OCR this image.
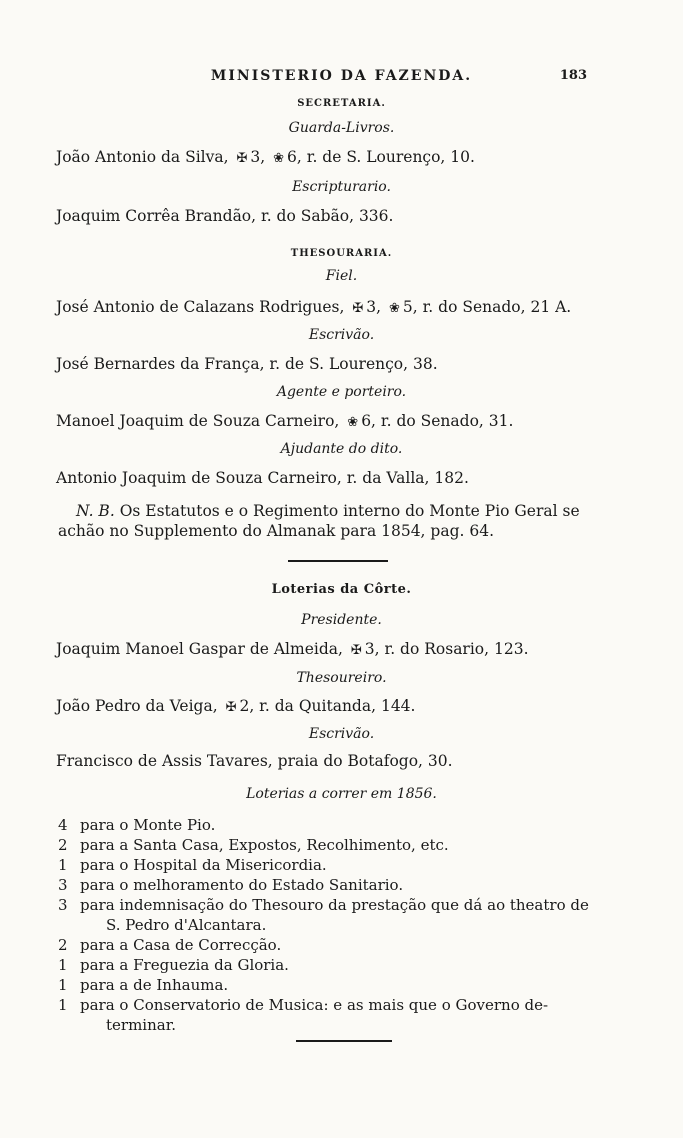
MINISTERIO DA FAZENDA.	183
SECRETARIA.
Guarda-Livros.
João Antonio da Silva, ✠ 3, ❀ 6, r. de S. Lourenço, 10.
Escripturario.
Joaquim Corrêa Brandão, r. do Sabão, 336.
THESOURARIA.
Fiel.
José Antonio de Calazans Rodrigues, ✠ 3, ❀ 5, r. do Senado, 21 A.
Escrivão.
José Bernardes da França, r. de S. Lourenço, 38.
Agente e porteiro.
Manoel Joaquim de Souza Carneiro, ❀ 6, r. do Senado, 31.
Ajudante do dito.
Antonio Joaquim de Souza Carneiro, r. da Valla, 182.
N. B. Os Estatutos e o Regimento interno do Monte Pio Geral se achão no Supplemento do Almanak para 1854, pag. 64.
Loterias da Côrte.
Presidente.
Joaquim Manoel Gaspar de Almeida, ✠ 3, r. do Rosario, 123.
Thesoureiro.
João Pedro da Veiga, ✠ 2, r. da Quitanda, 144.
Escrivão.
Francisco de Assis Tavares, praia do Botafogo, 30.
Loterias a correr em 1856.
4 para o Monte Pio.
2 para a Santa Casa, Expostos, Recolhimento, etc.
1 para o Hospital da Misericordia.
3 para o melhoramento do Estado Sanitario.
3 para indemnisação do Thesouro da prestação que dá ao theatro de
S. Pedro d'Alcantara.
2 para a Casa de Correcção.
1 para a Freguezia da Gloria.
1 para a de Inhauma.
1 para o Conservatorio de Musica: e as mais que o Governo de-
terminar.
